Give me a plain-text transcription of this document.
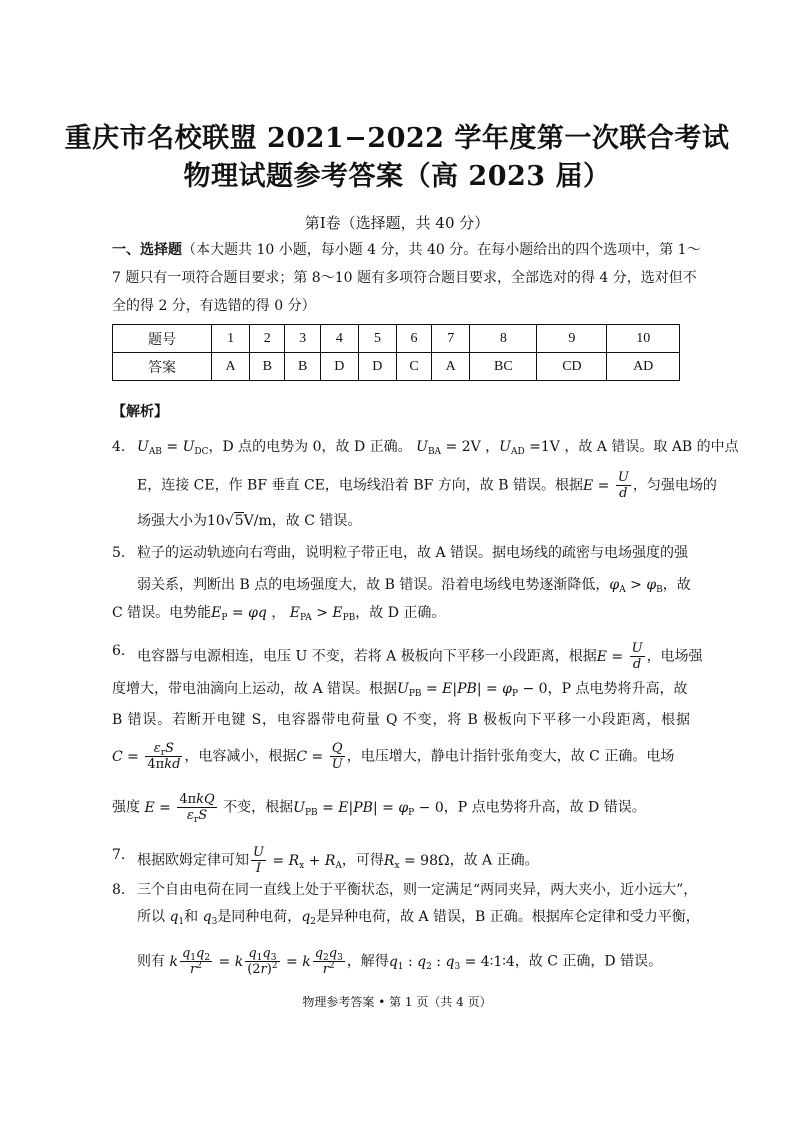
重庆市名校联盟 2021−2022 学年度第一次联合考试
物理试题参考答案（高 2023 届）
第Ⅰ卷（选择题，共 40 分）
一、选择题（本大题共 10 小题，每小题 4 分，共 40 分。在每小题给出的四个选项中，第 1～
7 题只有一项符合题目要求；第 8～10 题有多项符合题目要求，全部选对的得 4 分，选对但不
全的得 2 分，有选错的得 0 分）
题号	1	2	3	4	5	6	7	8	9	10
答案	A	B	B	D	D	C	A	BC	CD	AD
【解析】
4. $U_{AB} = U_{DC}$，D 点的电势为 0，故 D 正确。 $U_{BA} = 2V$ ，$U_{AD} =1V$ ，故 A 错误。取 AB 的中点
E，连接 CE，作 BF 垂直 CE，电场线沿着 BF 方向，故 B 错误。根据$E = \frac{U}{d}$ ，匀强电场的
场强大小为10√5V/m，故 C 错误。
5. 粒子的运动轨迹向右弯曲，说明粒子带正电，故 A 错误。据电场线的疏密与电场强度的强
弱关系，判断出 B 点的电场强度大，故 B 错误。沿着电场线电势逐渐降低，$\varphi_A > \varphi_B$，故
C 错误。电势能$E_P = \varphi q$ ， $E_{PA} > E_{PB}$，故 D 正确。
6. 电容器与电源相连，电压 U 不变，若将 A 极板向下平移一小段距离，根据$E = \frac{U}{d}$ ，电场强
度增大，带电油滴向上运动，故 A 错误。根据$U_{PB} = E|PB| = \varphi_P - 0$，P 点电势将升高，故
B 错误。若断开电键 S，电容器带电荷量 Q 不变，将 B 极板向下平移一小段距离，根据
$C = \frac{\varepsilon_rS}{\text{4πkd}}$ ，电容减小，根据$C = \frac{Q}{U}$ ，电压增大，静电计指针张角变大，故 C 正确。电场
强度 $E = \frac{\text{4πkQ}}{\varepsilon_rS}$ 不变，根据$U_{PB} = E|PB| = \varphi_P - 0$，P 点电势将升高，故 D 错误。
7. 根据欧姆定律可知 $\frac{U}{I} = R_x + R_A$，可得$R_x = 98\Omega$，故 A 正确。
8. 三个自由电荷在同一直线上处于平衡状态，则一定满足“两同夹异，两大夹小，近小远大”，
所以 $q_1$和 $q_3$是同种电荷，$q_2$是异种电荷，故 A 错误，B 正确。根据库仑定律和受力平衡，
则有 k $\frac{q_1q_2}{r^2} = k \frac{q_1q_3}{(2r)^2} = k \frac{q_2q_3}{r^2}$ ，解得$q_1$ : $q_2$ : $q_3$ = 4∶1∶4，故 C 正确，D 错误。
物理参考答案 • 第 1 页（共 4 页）
